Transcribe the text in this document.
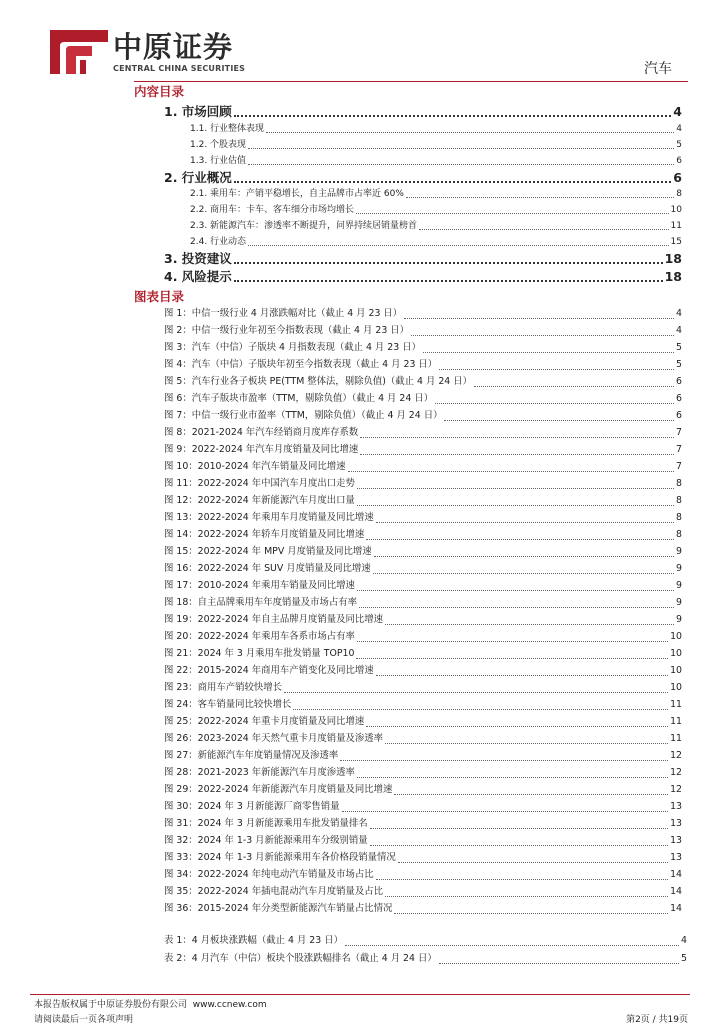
中原证券
CENTRAL CHINA SECURITIES	汽车
内容目录
图表目录
1. 市场回顾	4
1.1. 行业整体表现	4
1.2. 个股表现	5
1.3. 行业估值	6
2. 行业概况	6
2.1. 乘用车：产销平稳增长，自主品牌市占率近 60%	8
2.2. 商用车：卡车、客车细分市场均增长	10
2.3. 新能源汽车：渗透率不断提升，问界持续居销量榜首	11
2.4. 行业动态	15
3. 投资建议	18
4. 风险提示	18
图 1：中信一级行业 4 月涨跌幅对比（截止 4 月 23 日）	4
图 2：中信一级行业年初至今指数表现（截止 4 月 23 日）	4
图 3：汽车（中信）子版块 4 月指数表现（截止 4 月 23 日）	5
图 4：汽车（中信）子版块年初至今指数表现（截止 4 月 23 日）	5
图 5：汽车行业各子板块 PE(TTM 整体法，剔除负值)（截止 4 月 24 日）	6
图 6：汽车子版块市盈率（TTM，剔除负值）（截止 4 月 24 日）	6
图 7：中信一级行业市盈率（TTM，剔除负值）（截止 4 月 24 日）	6
图 8：2021-2024 年汽车经销商月度库存系数	7
图 9：2022-2024 年汽车月度销量及同比增速	7
图 10：2010-2024 年汽车销量及同比增速	7
图 11：2022-2024 年中国汽车月度出口走势	8
图 12：2022-2024 年新能源汽车月度出口量	8
图 13：2022-2024 年乘用车月度销量及同比增速	8
图 14：2022-2024 年轿车月度销量及同比增速	8
图 15：2022-2024 年 MPV 月度销量及同比增速	9
图 16：2022-2024 年 SUV 月度销量及同比增速	9
图 17：2010-2024 年乘用车销量及同比增速	9
图 18：自主品牌乘用车年度销量及市场占有率	9
图 19：2022-2024 年自主品牌月度销量及同比增速	9
图 20：2022-2024 年乘用车各系市场占有率	10
图 21：2024 年 3 月乘用车批发销量 TOP10	10
图 22：2015-2024 年商用车产销变化及同比增速	10
图 23：商用车产销较快增长	10
图 24：客车销量同比较快增长	11
图 25：2022-2024 年重卡月度销量及同比增速	11
图 26：2023-2024 年天然气重卡月度销量及渗透率	11
图 27：新能源汽车年度销量情况及渗透率	12
图 28：2021-2023 年新能源汽车月度渗透率	12
图 29：2022-2024 年新能源汽车月度销量及同比增速	12
图 30：2024 年 3 月新能源厂商零售销量	13
图 31：2024 年 3 月新能源乘用车批发销量排名	13
图 32：2024 年 1-3 月新能源乘用车分级别销量	13
图 33：2024 年 1-3 月新能源乘用车各价格段销量情况	13
图 34：2022-2024 年纯电动汽车销量及市场占比	14
图 35：2022-2024 年插电混动汽车月度销量及占比	14
图 36：2015-2024 年分类型新能源汽车销量占比情况	14
表 1：4 月板块涨跌幅（截止 4 月 23 日）	4
表 2：4 月汽车（中信）板块个股涨跌幅排名（截止 4 月 24 日）	5
本报告版权属于中原证券股份有限公司 www.ccnew.com
请阅读最后一页各项声明	第2页 / 共19页
